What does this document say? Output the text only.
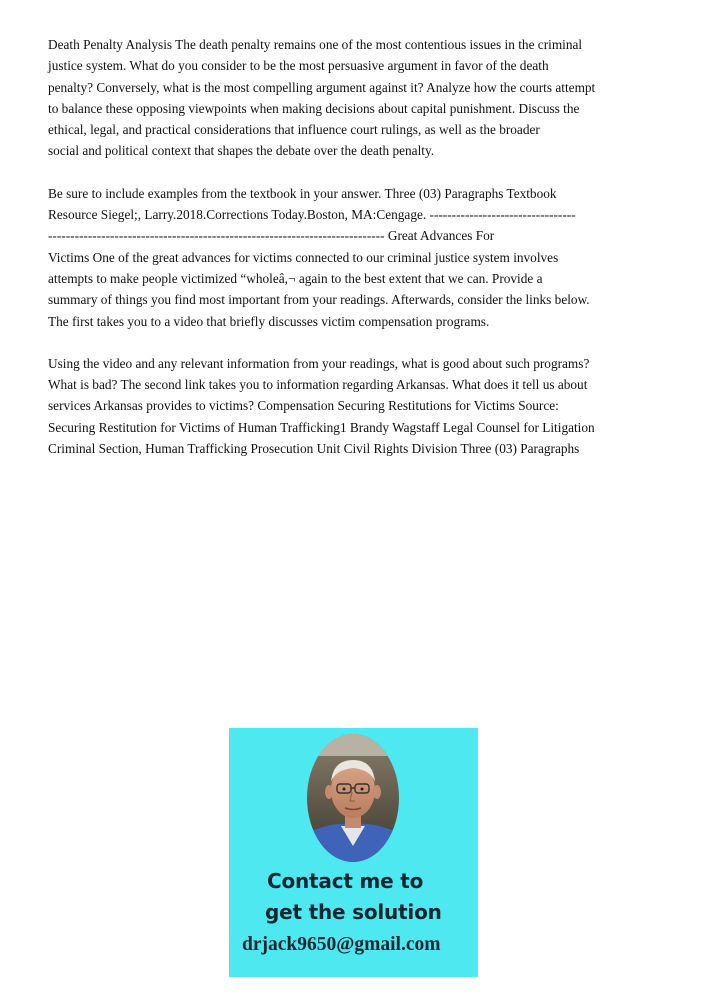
Death Penalty Analysis The death penalty remains one of the most contentious issues in the criminal
justice system. What do you consider to be the most persuasive argument in favor of the death
penalty? Conversely, what is the most compelling argument against it? Analyze how the courts attempt
to balance these opposing viewpoints when making decisions about capital punishment. Discuss the
ethical, legal, and practical considerations that influence court rulings, as well as the broader
social and political context that shapes the debate over the death penalty.

Be sure to include examples from the textbook in your answer. Three (03) Paragraphs Textbook
Resource Siegel;, Larry.2018.Corrections Today.Boston, MA:Cengage. ---------------------------------
---------------------------------------------------------------------------- Great Advances For
Victims One of the great advances for victims connected to our criminal justice system involves
attempts to make people victimized “wholeâ,¬ again to the best extent that we can. Provide a
summary of things you find most important from your readings. Afterwards, consider the links below.
The first takes you to a video that briefly discusses victim compensation programs.

Using the video and any relevant information from your readings, what is good about such programs?
What is bad? The second link takes you to information regarding Arkansas. What does it tell us about
services Arkansas provides to victims? Compensation Securing Restitutions for Victims Source:
Securing Restitution for Victims of Human Trafficking1 Brandy Wagstaff Legal Counsel for Litigation
Criminal Section, Human Trafficking Prosecution Unit Civil Rights Division Three (03) Paragraphs

Contact me to
get the solution
drjack9650@gmail.com
